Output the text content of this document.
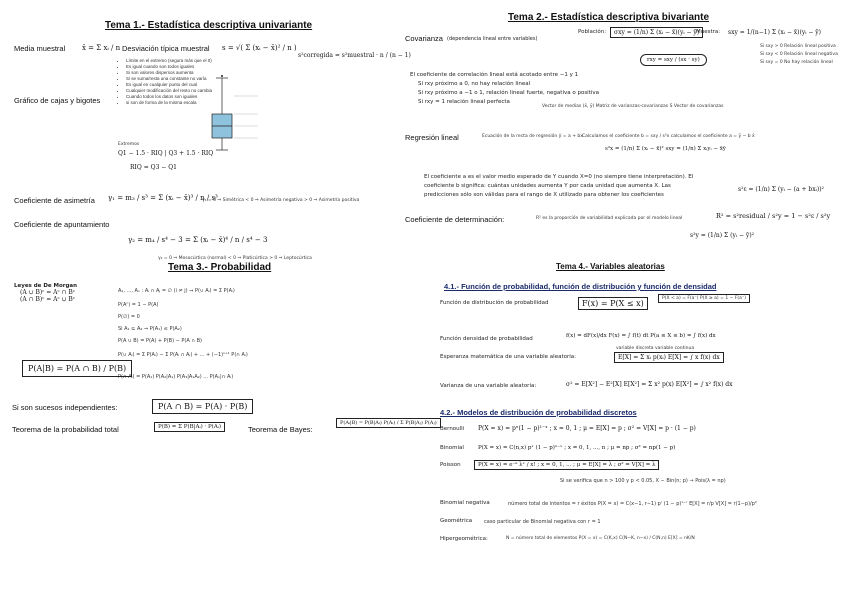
Tema 1.- Estadística descriptiva univariante
Media muestral x̄ = Σ xᵢ / n Desviación típica muestral s = √( Σ (xᵢ − x̄)² / n )
s²corregida = s²muestral · n / (n − 1)
• Límite en el extremo (segura más que el 0)
• Es igual cuando son todos iguales
• Si son valores dispersos aumenta
• Si se suma/resta una constante no varía
• Es igual en cualquier punto del cual
• Cualquier modificación del resto no cambia
• Cuando todos los datos son iguales
• si son de forma de la misma escala
Gráfico de cajas y bigotes
Extremos
Q1 − 1.5 · RIQ | Q3 + 1.5 · RIQ
RIQ = Q3 − Q1
Coeficiente de asimetría γ₁ = m₃ / s³ = Σ (xᵢ − x̄)³ / n / s³
γ₁ = 0 ⇒ Simétrica < 0 ⇒ Asimetría negativa > 0 ⇒ Asimetría positiva
Coeficiente de apuntamiento
γ₂ = m₄ / s⁴ − 3 = Σ (xᵢ − x̄)⁴ / n / s⁴ − 3
γ₂ = 0 ⇒ Mesocúrtica (normal) < 0 ⇒ Platicúrtica > 0 ⇒ Leptocúrtica
Tema 2.- Estadística descriptiva bivariante
Covarianza (dependencia lineal entre variables)
Población:	σxy = (1/n) Σ (xᵢ − x̄)(yᵢ − ȳ)
Muestra: sxy = 1/(n−1) Σ (xᵢ − x̄)(yᵢ − ȳ)
rxy = sxy / (sx · sy)
Si sxy > 0 Relación lineal positiva
Si sxy < 0 Relación lineal negativa
Si sxy = 0 No hay relación lineal
El coeficiente de correlación lineal está acotado entre −1 y 1
Si rxy próximo a 0, no hay relación lineal
Si rxy próximo a −1 o 1, relación lineal fuerte, negativa o positiva
Si rxy = 1 relación lineal perfecta
Vector de medias (x̄, ȳ) Matriz de varianzas-covarianzas S Vector de covarianzas
Regresión lineal	Ecuación de la recta de regresión ŷ = a + bx Calculamos el coeficiente b = sxy / s²x calculamos el coeficiente a = ȳ − b x̄
s²x = (1/n) Σ (xᵢ − x̄)² sxy = (1/n) Σ xᵢyᵢ − x̄ȳ
El coeficiente a es el valor medio esperado de Y cuando X=0 (no siempre tiene interpretación). El
coeficiente b significa: cuántas unidades aumenta Y por cada unidad que aumenta X. Las
predicciones sólo son válidas para el rango de X utilizado para obtener los coeficientes
s²ε = (1/n) Σ (yᵢ − (a + bxᵢ))²
Coeficiente de determinación:	R² es la proporción de variabilidad explicada por el modelo lineal	R² = s²residual / s²y = 1 − s²ε / s²y
s²y = (1/n) Σ (yᵢ − ȳ)²
Tema 3.- Probabilidad
Leyes de De Morgan
(A ∪ B)ᶜ = Aᶜ ∩ Bᶜ
(A ∩ B)ᶜ = Aᶜ ∪ Bᶜ
A₁, ..., Aₙ : Aᵢ ∩ Aⱼ = ∅ (i ≠ j) ⇒ P(∪ Aᵢ) = Σ P(Aᵢ)
P(Aᶜ) = 1 − P(A)
P(∅) = 0
Si A₁ ⊆ A₂ ⇒ P(A₁) ≤ P(A₂)
P(A ∪ B) = P(A) + P(B) − P(A ∩ B)
P(∪ Aᵢ) = Σ P(Aᵢ) − Σ P(Aᵢ ∩ Aⱼ) + ... + (−1)ⁿ⁺¹ P(∩ Aᵢ)
P(∩ Aᵢ) = P(A₁) P(A₂|A₁) P(A₃|A₁A₂) ... P(Aₙ|∩ Aᵢ)
P(A|B) = P(A ∩ B) / P(B)
Si son sucesos independientes:	P(A ∩ B) = P(A) · P(B)
Teorema de la probabilidad total	P(B) = Σ P(B|Aᵢ) · P(Aᵢ)	Teorema de Bayes:
P(Aᵢ|B) = P(B|Aᵢ) P(Aᵢ) / Σ P(B|Aⱼ) P(Aⱼ)
Tema 4.- Variables aleatorias
4.1.- Función de probabilidad, función de distribución y función de densidad
Función de distribución de probabilidad	F(x) = P(X ≤ x)
P(X < a) = F(a⁻) P(X ≥ a) = 1 − F(a⁻)
Función densidad de probabilidad	f(x) = dF(x)/dx F(x) = ∫ f(t) dt P(a ≤ X ≤ b) = ∫ f(x) dx
variable discreta variable continua
Esperanza matemática de una variable aleatoria:	E[X] = Σ xᵢ p(xᵢ) E[X] = ∫ x f(x) dx
Varianza de una variable aleatoria:	σ² = E[X²] − E²[X] E[X²] = Σ x² p(x) E[X²] = ∫ x² f(x) dx
4.2.- Modelos de distribución de probabilidad discretos
Bernoulli P(X = x) = pˣ(1 − p)¹⁻ˣ ; x = 0, 1 ; μ = E[X] = p ; σ² = V[X] = p · (1 − p)
Binomial	P(X = x) = C(n,x) pˣ (1 − p)ⁿ⁻ˣ ; x = 0, 1, ..., n ; μ = np ; σ² = np(1 − p)
Poisson	P(X = x) = e⁻ᵏ λˣ / x! ; x = 0, 1, ... ; μ = E[X] = λ ; σ² = V[X] = λ
Si se verifica que n > 100 y p < 0.05, X ∼ Bin(n; p) → Pois(λ = np)
Binomial negativa	número total de intentos = r éxitos P(X = x) = C(x−1, r−1) pʳ (1 − p)ˣ⁻ʳ E[X] = r/p V[X] = r(1−p)/p²
Geométrica caso particular de Binomial negativa con r = 1
Hipergeométrica:	N = número total de elementos P(X = x) = C(K,x) C(N−K, n−x) / C(N,n) E[X] = nK/N
